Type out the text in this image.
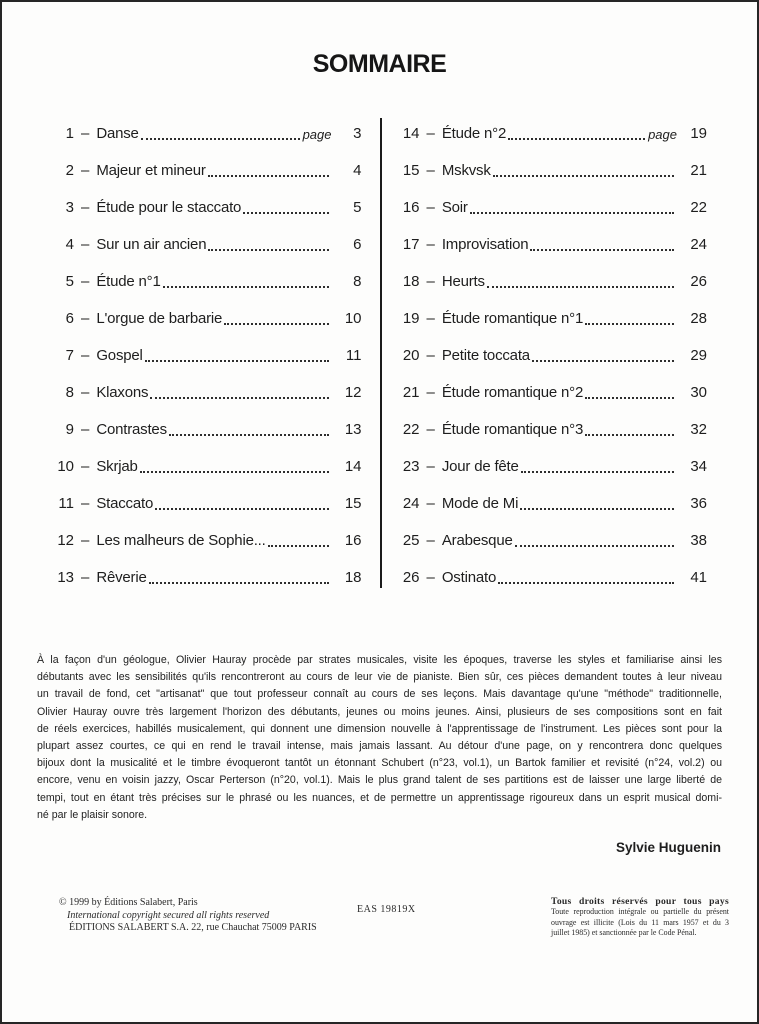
SOMMAIRE
1 – Danse	page	3
2 – Majeur et mineur	4
3 – Étude pour le staccato	5
4 – Sur un air ancien	6
5 – Étude n°1	8
6 – L'orgue de barbarie	10
7 – Gospel	11
8 – Klaxons	12
9 – Contrastes	13
10 – Skrjab	14
11 – Staccato	15
12 – Les malheurs de Sophie...	16
13 – Rêverie	18
14 – Étude n°2	page 19
15 – Mskvsk	21
16 – Soir	22
17 – Improvisation	24
18 – Heurts	26
19 – Étude romantique n°1	28
20 – Petite toccata	29
21 – Étude romantique n°2	30
22 – Étude romantique n°3	32
23 – Jour de fête	34
24 – Mode de Mi	36
25 – Arabesque	38
26 – Ostinato	41
À la façon d'un géologue, Olivier Hauray procède par strates musicales, visite les époques, traverse les styles et familiarise ainsi les
débutants avec les sensibilités qu'ils rencontreront au cours de leur vie de pianiste. Bien sûr, ces pièces demandent toutes à leur niveau
un travail de fond, cet "artisanat" que tout professeur connaît au cours de ses leçons. Mais davantage qu'une "méthode" traditionnelle,
Olivier Hauray ouvre très largement l'horizon des débutants, jeunes ou moins jeunes. Ainsi, plusieurs de ses compositions sont en fait
de réels exercices, habillés musicalement, qui donnent une dimension nouvelle à l'apprentissage de l'instrument. Les pièces sont pour la
plupart assez courtes, ce qui en rend le travail intense, mais jamais lassant. Au détour d'une page, on y rencontrera donc quelques
bijoux dont la musicalité et le timbre évoqueront tantôt un étonnant Schubert (n°23, vol.1), un Bartok familier et revisité (n°24, vol.2) ou
encore, venu en voisin jazzy, Oscar Perterson (n°20, vol.1). Mais le plus grand talent de ses partitions est de laisser une large liberté de
tempi, tout en étant très précises sur le phrasé ou les nuances, et de permettre un apprentissage rigoureux dans un esprit musical domi-
né par le plaisir sonore.
Sylvie Huguenin
© 1999 by Éditions Salabert, Paris
International copyright secured all rights reserved
ÉDITIONS SALABERT S.A. 22, rue Chauchat 75009 PARIS
EAS 19819X
Tous droits réservés pour tous pays
Toute reproduction intégrale ou partielle du présent
ouvrage est illicite (Lois du 11 mars 1957 et du 3
juillet 1985) et sanctionnée par le Code Pénal.
